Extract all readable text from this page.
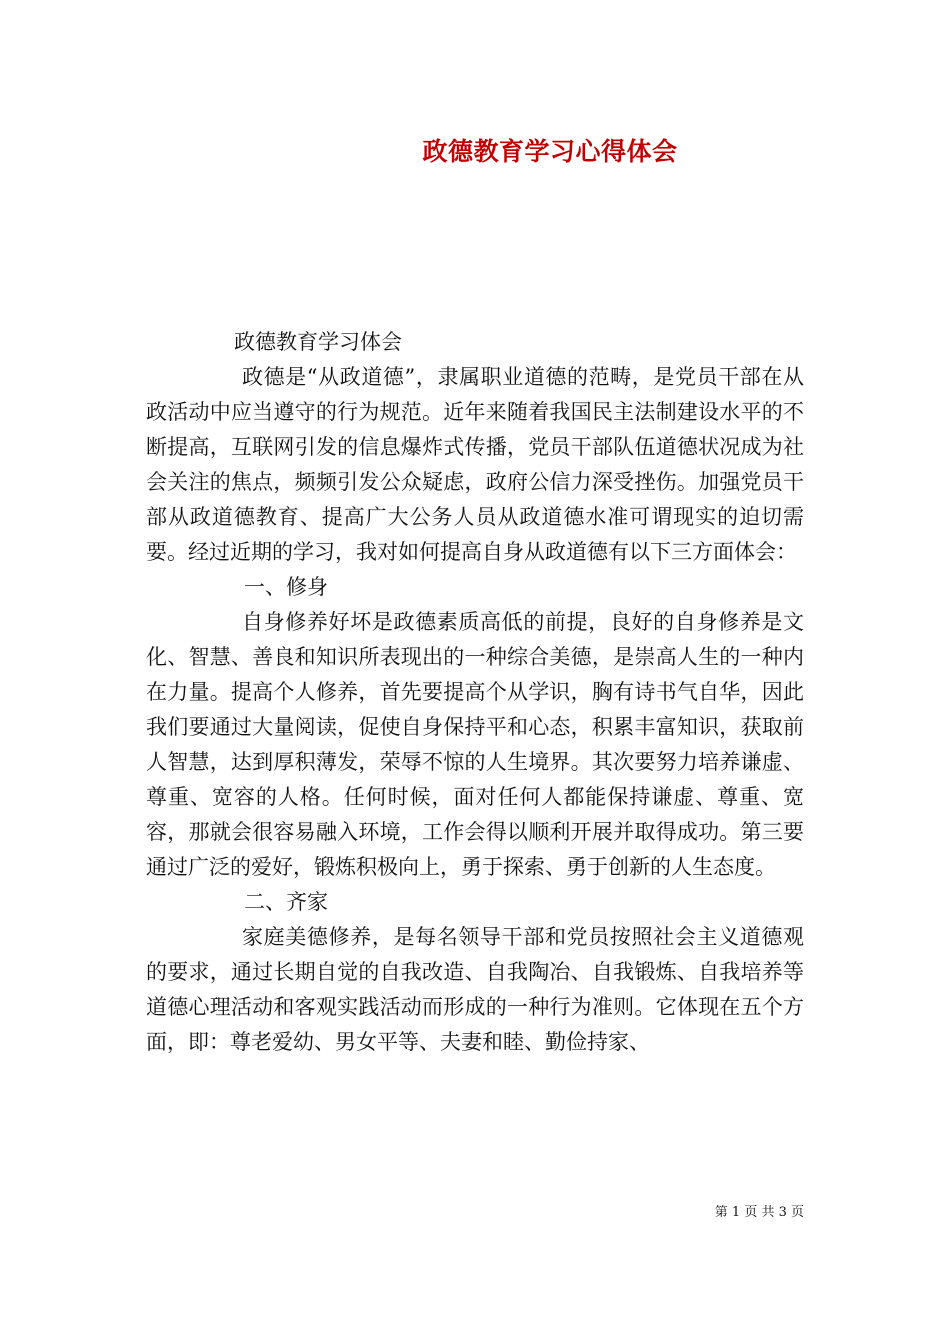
政德教育学习心得体会

政德教育学习体会

政德是“从政道德”，隶属职业道德的范畴，是党员干部在从政活动中应当遵守的行为规范。近年来随着我国民主法制建设水平的不断提高，互联网引发的信息爆炸式传播，党员干部队伍道德状况成为社会关注的焦点，频频引发公众疑虑，政府公信力深受挫伤。加强党员干部从政道德教育、提高广大公务人员从政道德水准可谓现实的迫切需要。经过近期的学习，我对如何提高自身从政道德有以下三方面体会：

一、修身

自身修养好坏是政德素质高低的前提，良好的自身修养是文化、智慧、善良和知识所表现出的一种综合美德，是崇高人生的一种内在力量。提高个人修养，首先要提高个从学识，胸有诗书气自华，因此我们要通过大量阅读，促使自身保持平和心态，积累丰富知识，获取前人智慧，达到厚积薄发，荣辱不惊的人生境界。其次要努力培养谦虚、尊重、宽容的人格。任何时候，面对任何人都能保持谦虚、尊重、宽容，那就会很容易融入环境，工作会得以顺利开展并取得成功。第三要通过广泛的爱好，锻炼积极向上，勇于探索、勇于创新的人生态度。

二、齐家

家庭美德修养，是每名领导干部和党员按照社会主义道德观的要求，通过长期自觉的自我改造、自我陶冶、自我锻炼、自我培养等道德心理活动和客观实践活动而形成的一种行为准则。它体现在五个方面，即：尊老爱幼、男女平等、夫妻和睦、勤俭持家、

第 1 页 共 3 页
